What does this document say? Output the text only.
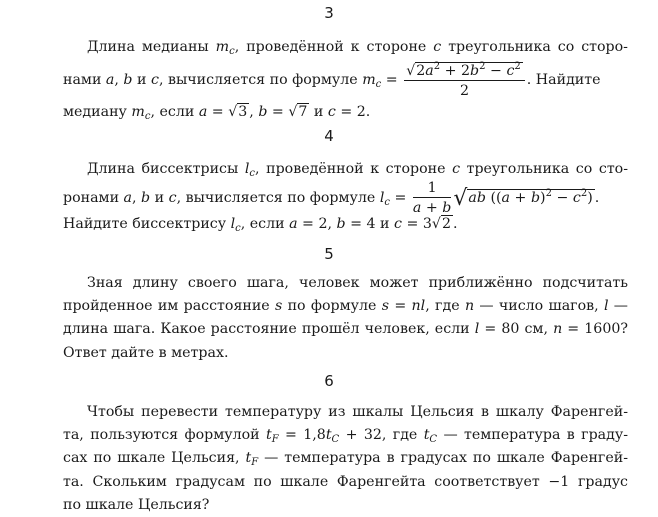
3
Длина медианы $m_c$, проведённой к стороне c треугольника со сторо-
нами a, b и c, вычисляется по формуле $m_c = \frac{√2a^2 + 2b^2 - c^2}{2}$ . Найдите
медиану $m_c$, если a = √3 , b = √7 и c = 2.
4
Длина биссектрисы $l_c$, проведённой к стороне c треугольника со сто-
ронами a, b и c, вычисляется по формуле $l_c = \frac{1}{a + b} √ab$ $((a + b)^2 - c^2)$ .
Найдите биссектрису $l_c$, если a = 2, b = 4 и c = 3√2 .
5
Зная длину своего шага, человек может приближённо подсчитать
пройденное им расстояние s по формуле s = nl, где n — число шагов, l —
длина шага. Какое расстояние прошёл человек, если l = 80 см, n = 1600?
Ответ дайте в метрах.
6
Чтобы перевести температуру из шкалы Цельсия в шкалу Фаренгей-
та, пользуются формулой $t_F = 1,8t_C + 32$, где $t_C$ — температура в граду-
сах по шкале Цельсия, $t_F$ — температура в градусах по шкале Фаренгей-
та. Скольким градусам по шкале Фаренгейта соответствует −1 градус
по шкале Цельсия?
